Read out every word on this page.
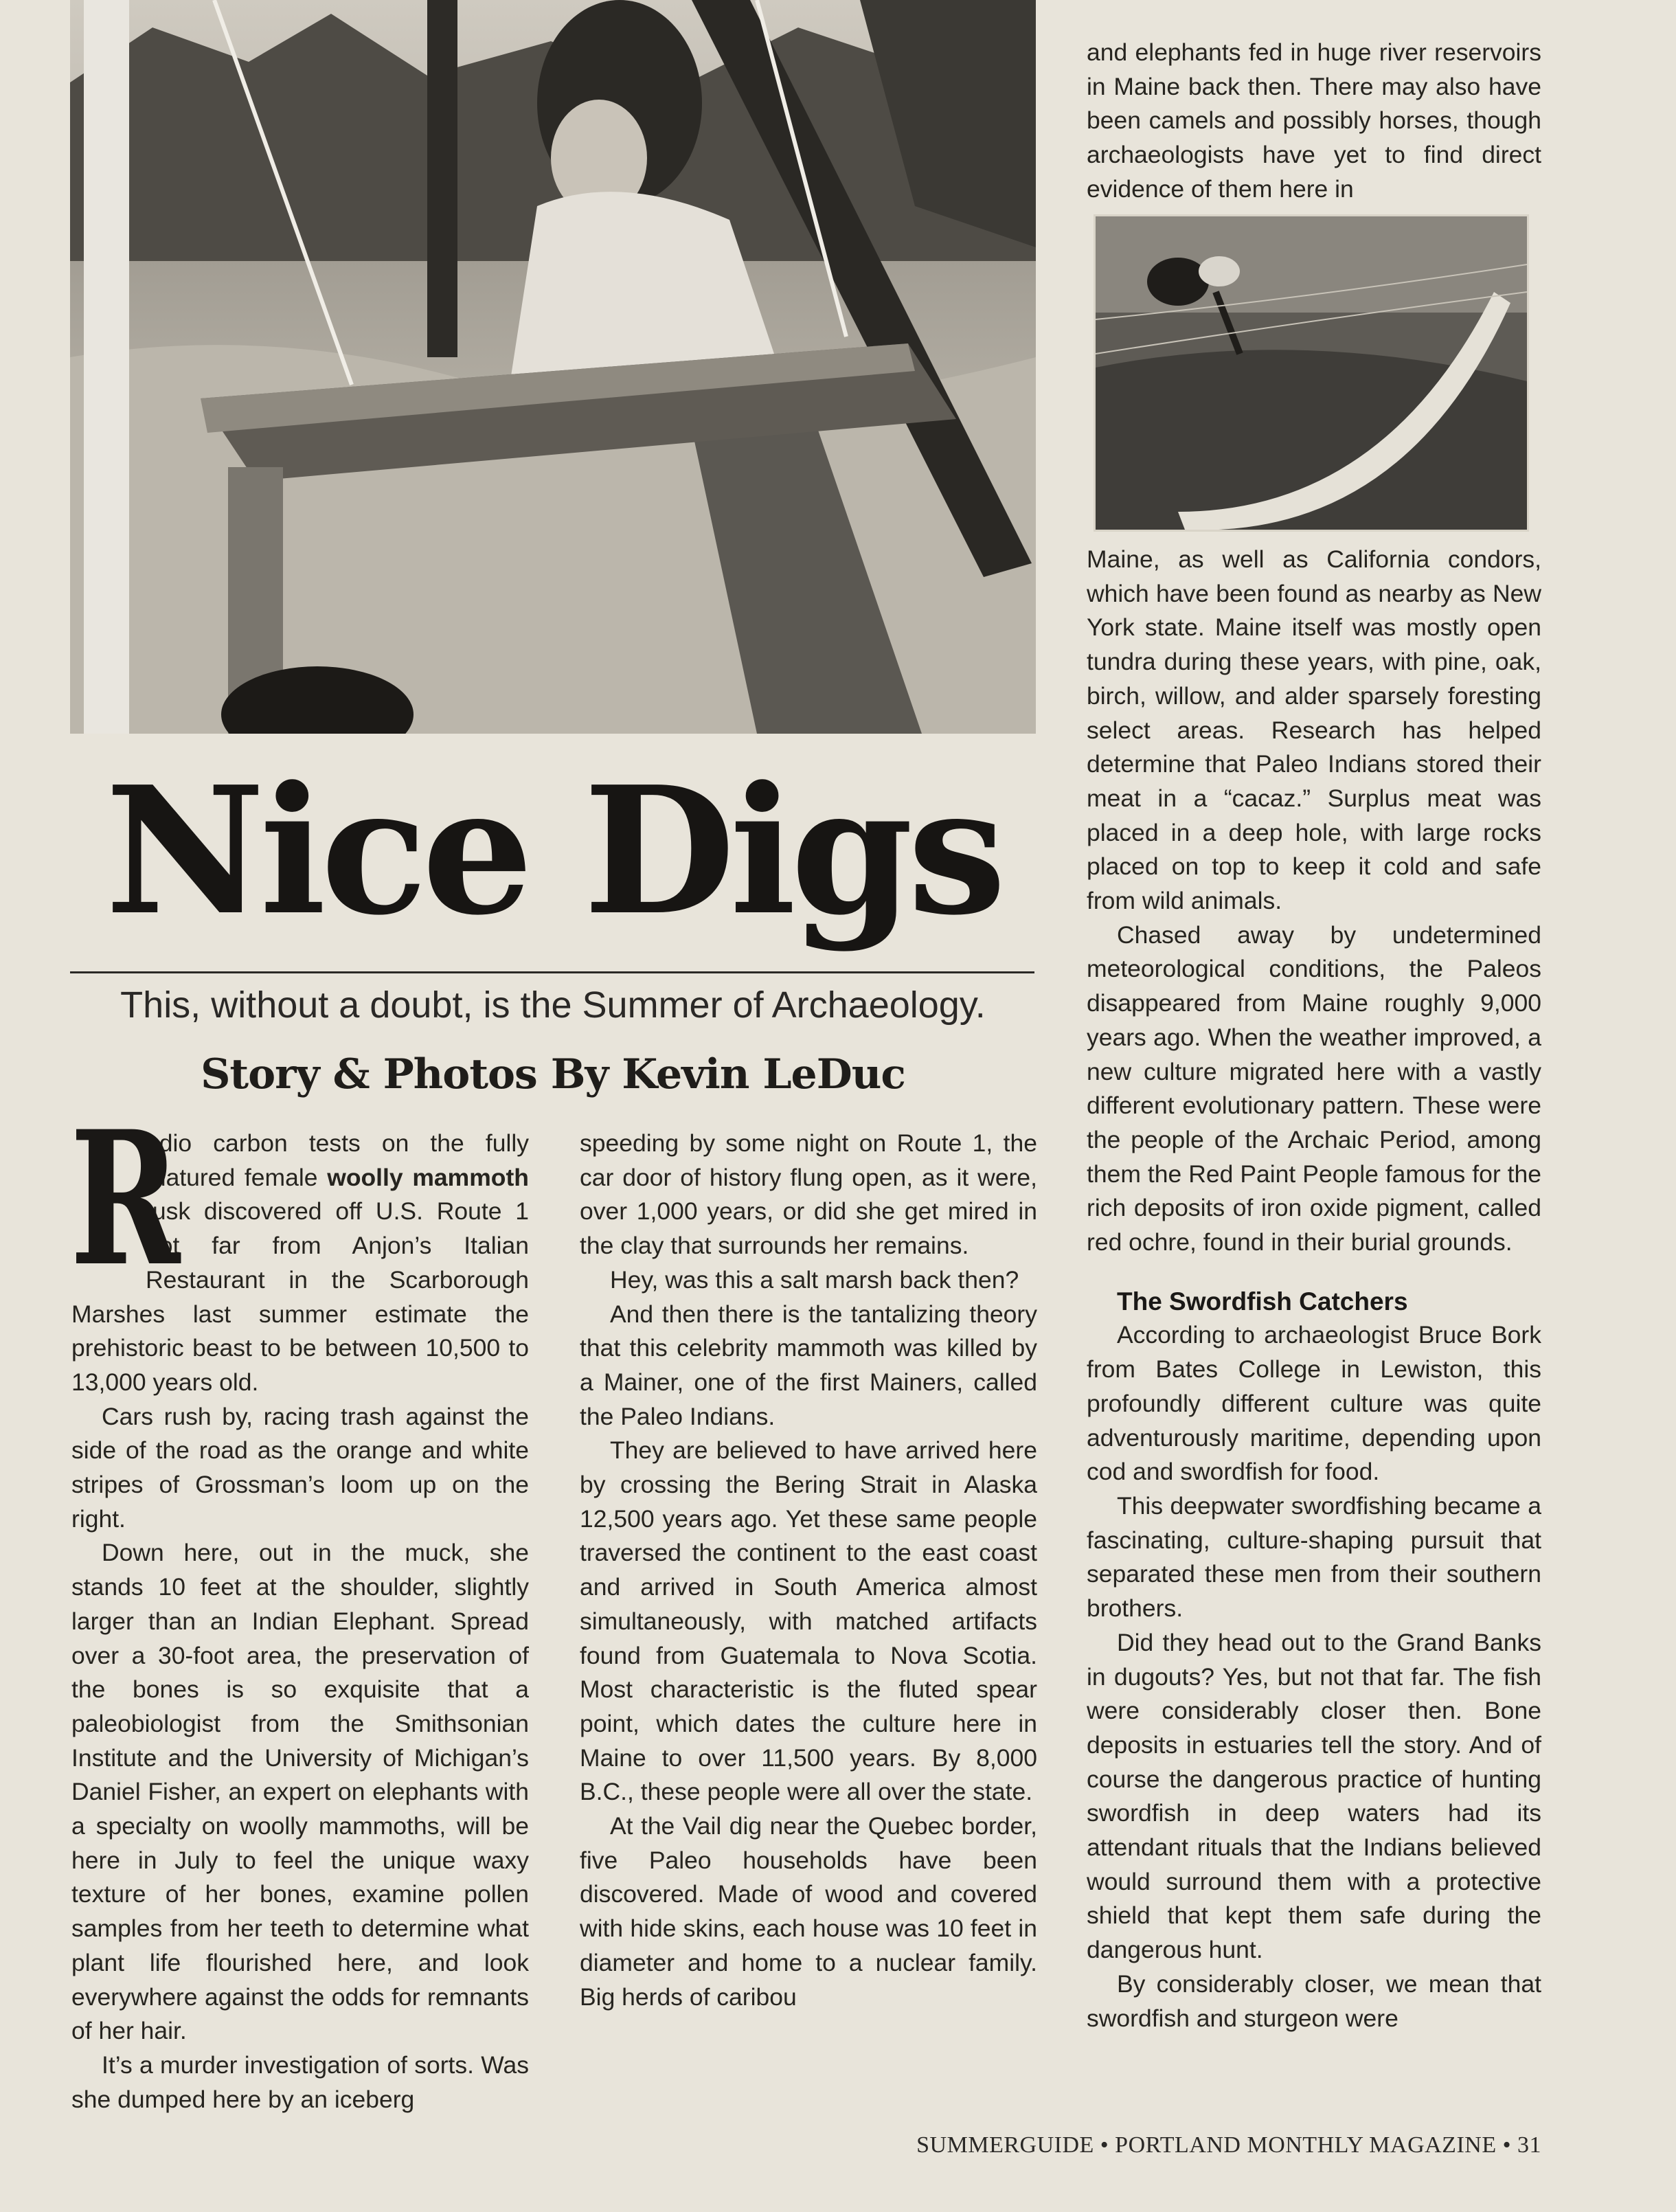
and elephants fed in huge river reservoirs in Maine back then. There may also have been camels and possibly horses, though archaeologists have yet to find direct evidence of them here in

Nice Digs
This, without a doubt, is the Summer of Archaeology.
Story & Photos By Kevin LeDuc

R
adio carbon tests on the fully matured female woolly mammoth tusk discovered off U.S. Route 1 not far from Anjon’s Italian Restaurant in the Scarborough Marshes last summer estimate the prehistoric beast to be between 10,500 to 13,000 years old.

Cars rush by, racing trash against the side of the road as the orange and white stripes of Grossman’s loom up on the right.

Down here, out in the muck, she stands 10 feet at the shoulder, slightly larger than an Indian Elephant. Spread over a 30-foot area, the preservation of the bones is so exquisite that a paleobiologist from the Smithsonian Institute and the University of Michigan’s Daniel Fisher, an expert on elephants with a specialty on woolly mammoths, will be here in July to feel the unique waxy texture of her bones, examine pollen samples from her teeth to determine what plant life flourished here, and look everywhere against the odds for remnants of her hair.

It’s a murder investigation of sorts. Was she dumped here by an iceberg

speeding by some night on Route 1, the car door of history flung open, as it were, over 1,000 years, or did she get mired in the clay that surrounds her remains.

Hey, was this a salt marsh back then?

And then there is the tantalizing theory that this celebrity mammoth was killed by a Mainer, one of the first Mainers, called the Paleo Indians.

They are believed to have arrived here by crossing the Bering Strait in Alaska 12,500 years ago. Yet these same people traversed the continent to the east coast and arrived in South America almost simultaneously, with matched artifacts found from Guatemala to Nova Scotia. Most characteristic is the fluted spear point, which dates the culture here in Maine to over 11,500 years. By 8,000 B.C., these people were all over the state.

At the Vail dig near the Quebec border, five Paleo households have been discovered. Made of wood and covered with hide skins, each house was 10 feet in diameter and home to a nuclear family. Big herds of caribou

Maine, as well as California condors, which have been found as nearby as New York state. Maine itself was mostly open tundra during these years, with pine, oak, birch, willow, and alder sparsely foresting select areas. Research has helped determine that Paleo Indians stored their meat in a “cacaz.” Surplus meat was placed in a deep hole, with large rocks placed on top to keep it cold and safe from wild animals.

Chased away by undetermined meteorological conditions, the Paleos disappeared from Maine roughly 9,000 years ago. When the weather improved, a new culture migrated here with a vastly different evolutionary pattern. These were the people of the Archaic Period, among them the Red Paint People famous for the rich deposits of iron oxide pigment, called red ochre, found in their burial grounds.

The Swordfish Catchers

According to archaeologist Bruce Bork from Bates College in Lewiston, this profoundly different culture was quite adventurously maritime, depending upon cod and swordfish for food.

This deepwater swordfishing became a fascinating, culture-shaping pursuit that separated these men from their southern brothers.

Did they head out to the Grand Banks in dugouts? Yes, but not that far. The fish were considerably closer then. Bone deposits in estuaries tell the story. And of course the dangerous practice of hunting swordfish in deep waters had its attendant rituals that the Indians believed would surround them with a protective shield that kept them safe during the dangerous hunt.

By considerably closer, we mean that swordfish and sturgeon were

SUMMERGUIDE • PORTLAND MONTHLY MAGAZINE • 31
